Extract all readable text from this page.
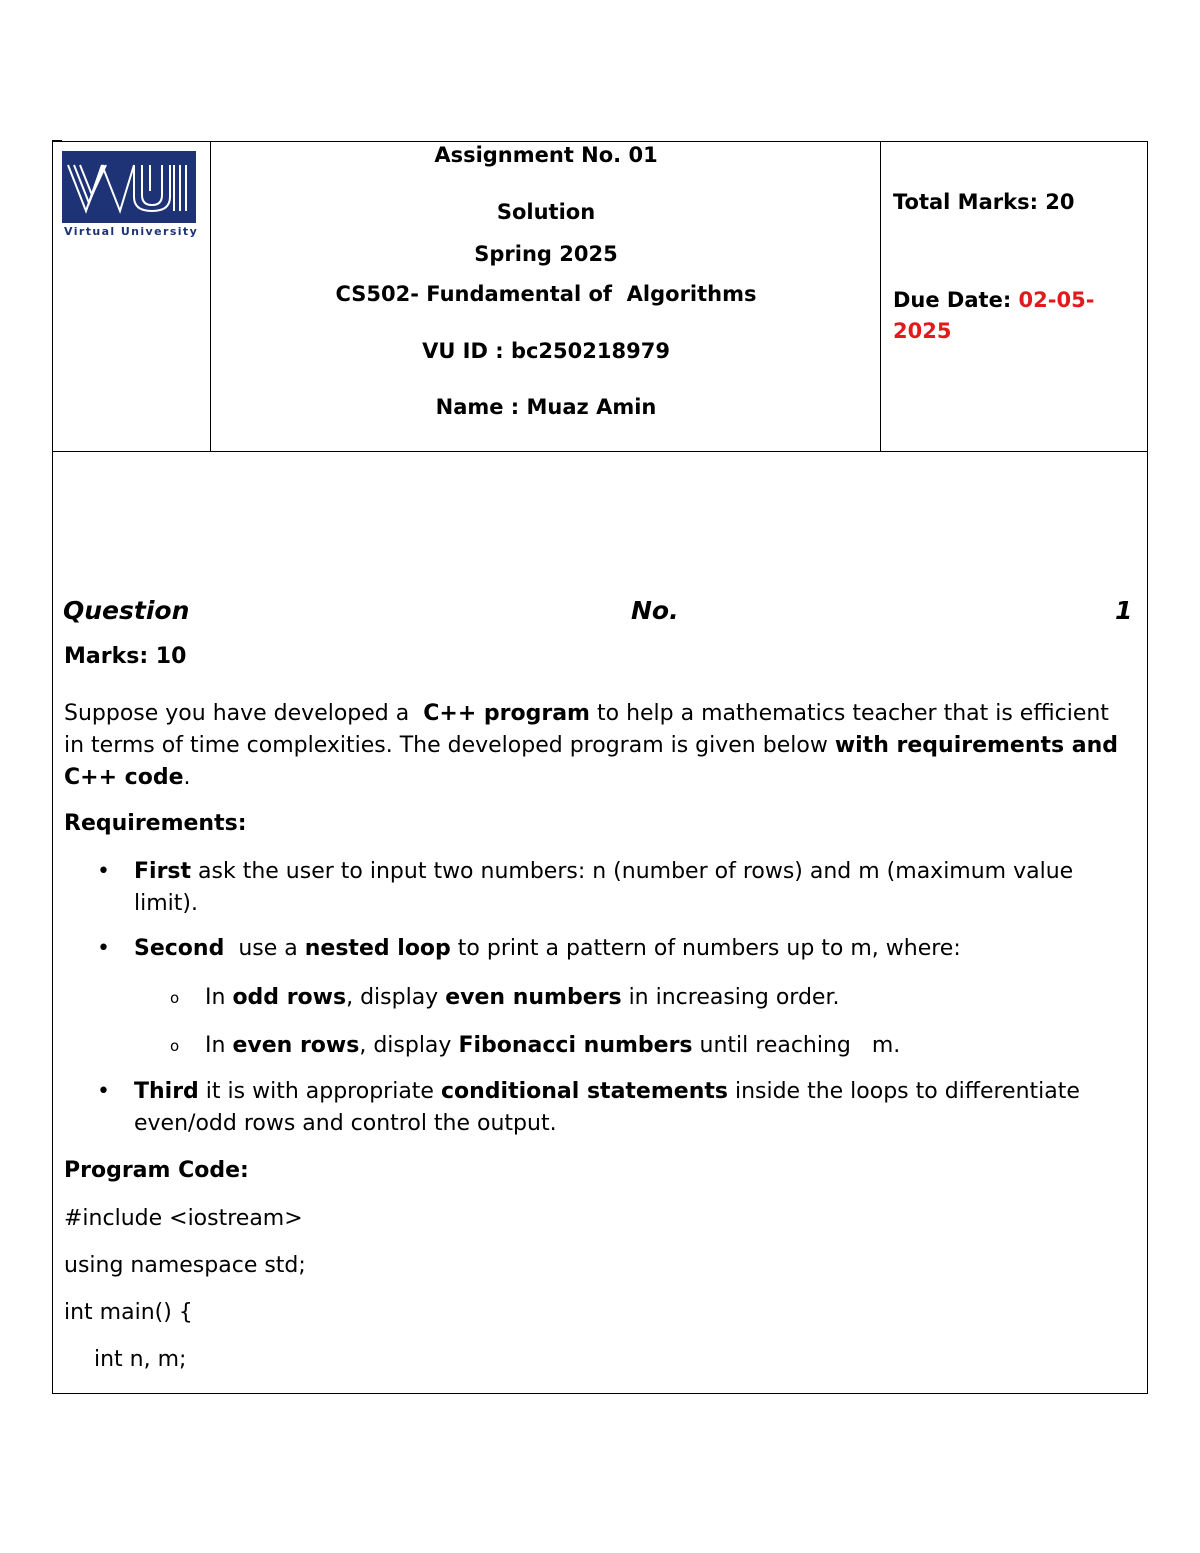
Virtual University
Assignment No. 01
Solution
Spring 2025
CS502- Fundamental of  Algorithms
VU ID : bc250218979
Name : Muaz Amin
Total Marks: 20
Due Date: 02-05-2025
Question	No.	1
Marks: 10
Suppose you have developed a  C++ program to help a mathematics teacher that is efficient in terms of time complexities. The developed program is given below with requirements and C++ code.
Requirements:
• First ask the user to input two numbers: n (number of rows) and m (maximum value limit).
• Second  use a nested loop to print a pattern of numbers up to m, where:
o In odd rows, display even numbers in increasing order.
o In even rows, display Fibonacci numbers until reaching   m.
• Third it is with appropriate conditional statements inside the loops to differentiate even/odd rows and control the output.
Program Code:
#include <iostream>
using namespace std;
int main() {
int n, m;
